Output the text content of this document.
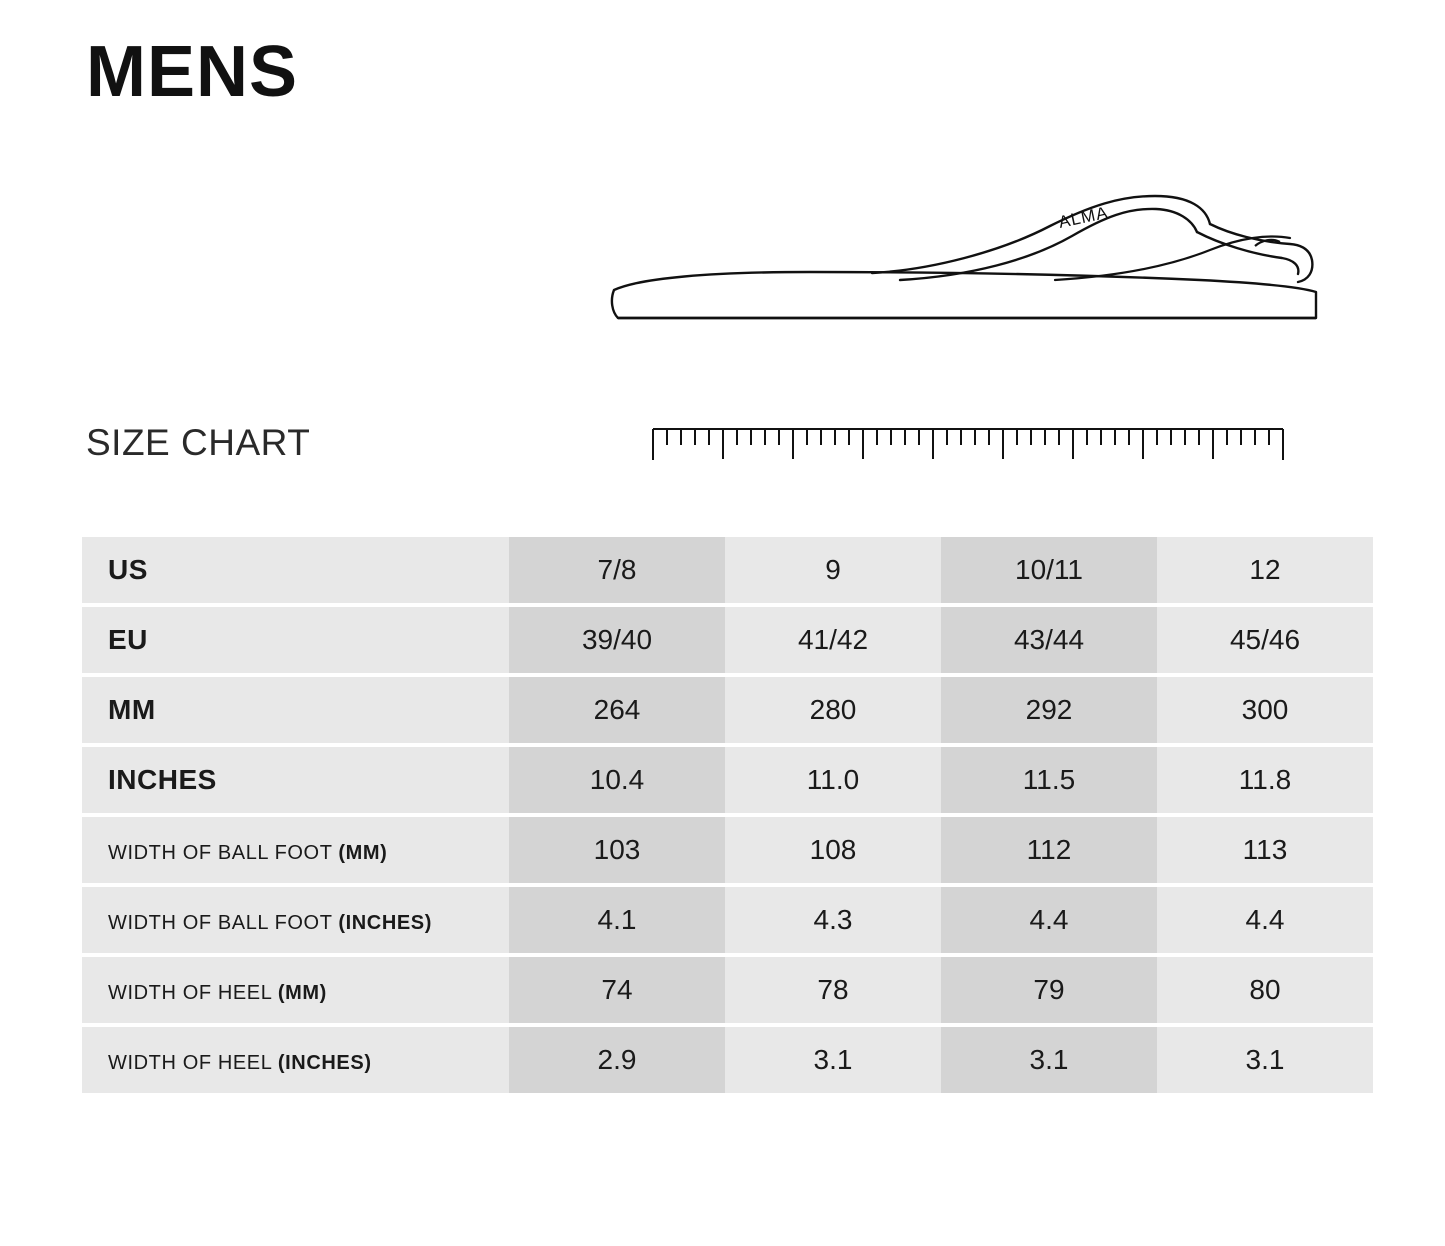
MENS
ALMA
SIZE CHART
US	7/8	9	10/11	12
EU	39/40	41/42	43/44	45/46
MM	264	280	292	300
INCHES	10.4	11.0	11.5	11.8
WIDTH OF BALL FOOT (MM)	103	108	112	113
WIDTH OF BALL FOOT (INCHES)	4.1	4.3	4.4	4.4
WIDTH OF HEEL (MM)	74	78	79	80
WIDTH OF HEEL (INCHES)	2.9	3.1	3.1	3.1
